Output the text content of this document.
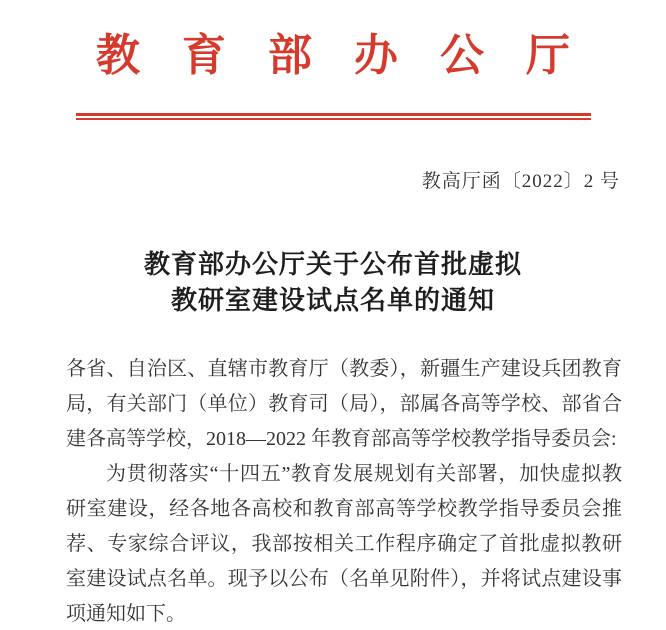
教育部办公厅
教高厅函〔2022〕2 号
教育部办公厅关于公布首批虚拟
教研室建设试点名单的通知

各省、自治区、直辖市教育厅（教委），新疆生产建设兵团教育局，有关部门（单位）教育司（局），部属各高等学校、部省合建各高等学校，2018—2022 年教育部高等学校教学指导委员会:

为贯彻落实“十四五”教育发展规划有关部署，加快虚拟教研室建设，经各地各高校和教育部高等学校教学指导委员会推荐、专家综合评议，我部按相关工作程序确定了首批虚拟教研室建设试点名单。现予以公布（名单见附件），并将试点建设事项通知如下。
